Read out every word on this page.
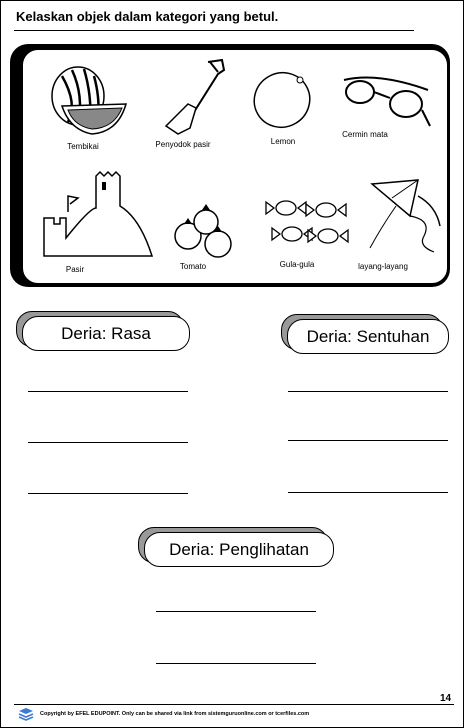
Kelaskan objek dalam kategori yang betul.
Tembikai	Penyodok pasir	Lemon
Cermin mata
Pasir	Tomato	Gula-gula	layang-layang
Deria: Rasa	Deria: Sentuhan
Deria: Penglihatan
14
Copyright by EFEL EDUPOINT. Only can be shared via link from sistemguruonline.com or tcerfiles.com
